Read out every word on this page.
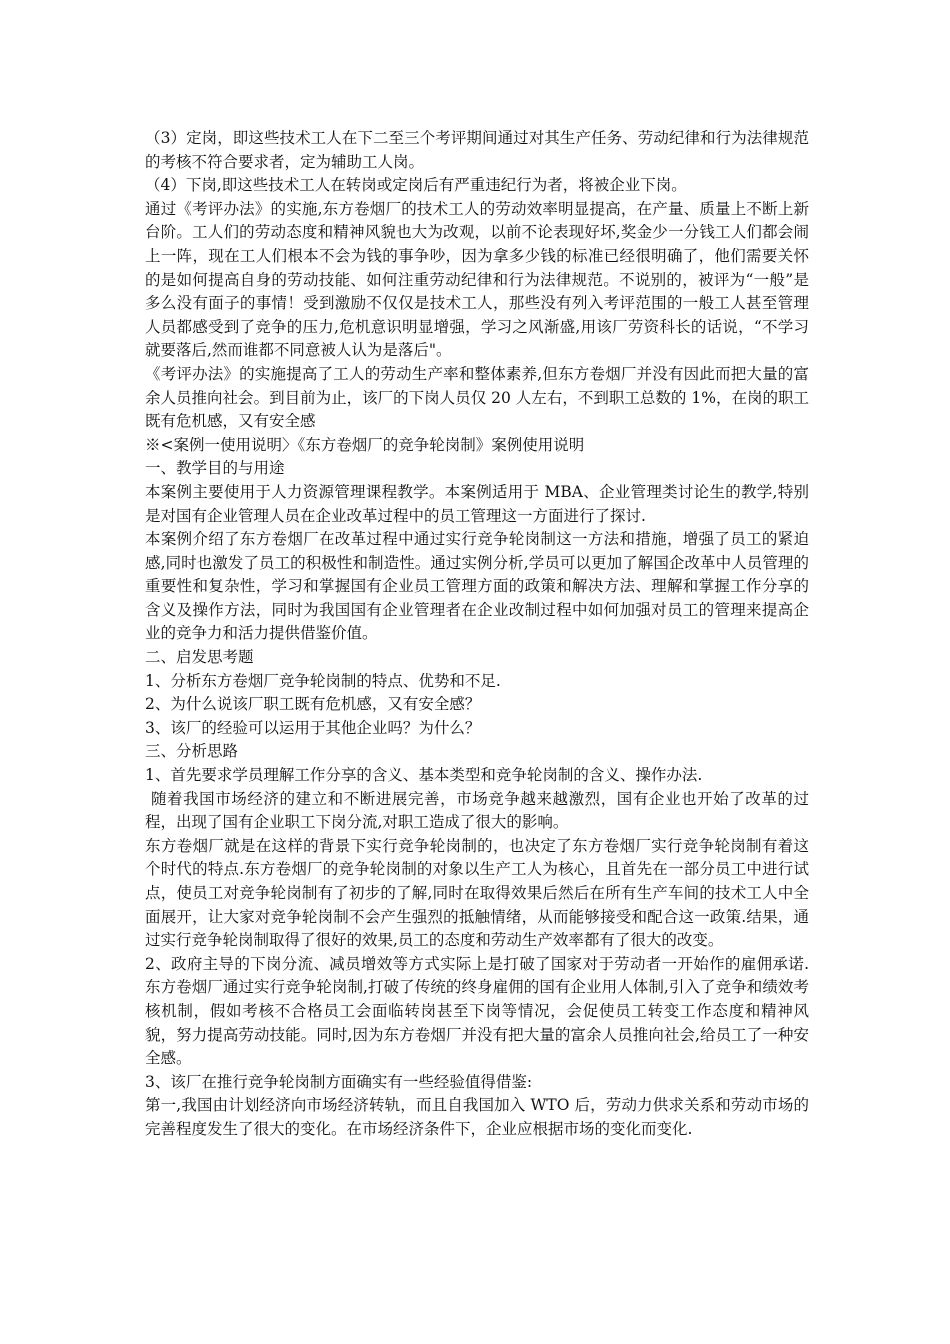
（3）定岗，即这些技术工人在下二至三个考评期间通过对其生产任务、劳动纪律和行为法律规范的考核不符合要求者，定为辅助工人岗。

（4）下岗,即这些技术工人在转岗或定岗后有严重违纪行为者，将被企业下岗。

通过《考评办法》的实施,东方卷烟厂的技术工人的劳动效率明显提高，在产量、质量上不断上新台阶。工人们的劳动态度和精神风貌也大为改观，以前不论表现好坏,奖金少一分钱工人们都会闹上一阵，现在工人们根本不会为钱的事争吵，因为拿多少钱的标准已经很明确了，他们需要关怀的是如何提高自身的劳动技能、如何注重劳动纪律和行为法律规范。不说别的，被评为“一般”是多么没有面子的事情！受到激励不仅仅是技术工人，那些没有列入考评范围的一般工人甚至管理人员都感受到了竞争的压力,危机意识明显增强，学习之风渐盛,用该厂劳资科长的话说，“不学习就要落后,然而谁都不同意被人认为是落后"。

《考评办法》的实施提高了工人的劳动生产率和整体素养,但东方卷烟厂并没有因此而把大量的富余人员推向社会。到目前为止，该厂的下岗人员仅 20 人左右，不到职工总数的 1%，在岗的职工既有危机感，又有安全感

※<案例一使用说明〉《东方卷烟厂的竞争轮岗制》案例使用说明

一、教学目的与用途

本案例主要使用于人力资源管理课程教学。本案例适用于 MBA、企业管理类讨论生的教学,特别是对国有企业管理人员在企业改革过程中的员工管理这一方面进行了探讨.

本案例介绍了东方卷烟厂在改革过程中通过实行竞争轮岗制这一方法和措施，增强了员工的紧迫感,同时也激发了员工的积极性和制造性。通过实例分析,学员可以更加了解国企改革中人员管理的重要性和复杂性，学习和掌握国有企业员工管理方面的政策和解决方法、理解和掌握工作分享的含义及操作方法，同时为我国国有企业管理者在企业改制过程中如何加强对员工的管理来提高企业的竞争力和活力提供借鉴价值。

二、启发思考题

1、分析东方卷烟厂竞争轮岗制的特点、优势和不足.

2、为什么说该厂职工既有危机感，又有安全感？

3、该厂的经验可以运用于其他企业吗？为什么？

三、分析思路

1、首先要求学员理解工作分享的含义、基本类型和竞争轮岗制的含义、操作办法.

随着我国市场经济的建立和不断进展完善，市场竞争越来越激烈，国有企业也开始了改革的过程，出现了国有企业职工下岗分流,对职工造成了很大的影响。

东方卷烟厂就是在这样的背景下实行竞争轮岗制的，也决定了东方卷烟厂实行竞争轮岗制有着这个时代的特点.东方卷烟厂的竞争轮岗制的对象以生产工人为核心，且首先在一部分员工中进行试点，使员工对竞争轮岗制有了初步的了解,同时在取得效果后然后在所有生产车间的技术工人中全面展开，让大家对竞争轮岗制不会产生强烈的抵触情绪，从而能够接受和配合这一政策.结果，通过实行竞争轮岗制取得了很好的效果,员工的态度和劳动生产效率都有了很大的改变。

2、政府主导的下岗分流、减员增效等方式实际上是打破了国家对于劳动者一开始作的雇佣承诺.东方卷烟厂通过实行竞争轮岗制,打破了传统的终身雇佣的国有企业用人体制,引入了竞争和绩效考核机制，假如考核不合格员工会面临转岗甚至下岗等情况，会促使员工转变工作态度和精神风貌，努力提高劳动技能。同时,因为东方卷烟厂并没有把大量的富余人员推向社会,给员工了一种安全感。

3、该厂在推行竞争轮岗制方面确实有一些经验值得借鉴:

第一,我国由计划经济向市场经济转轨，而且自我国加入 WTO 后，劳动力供求关系和劳动市场的完善程度发生了很大的变化。在市场经济条件下，企业应根据市场的变化而变化.
